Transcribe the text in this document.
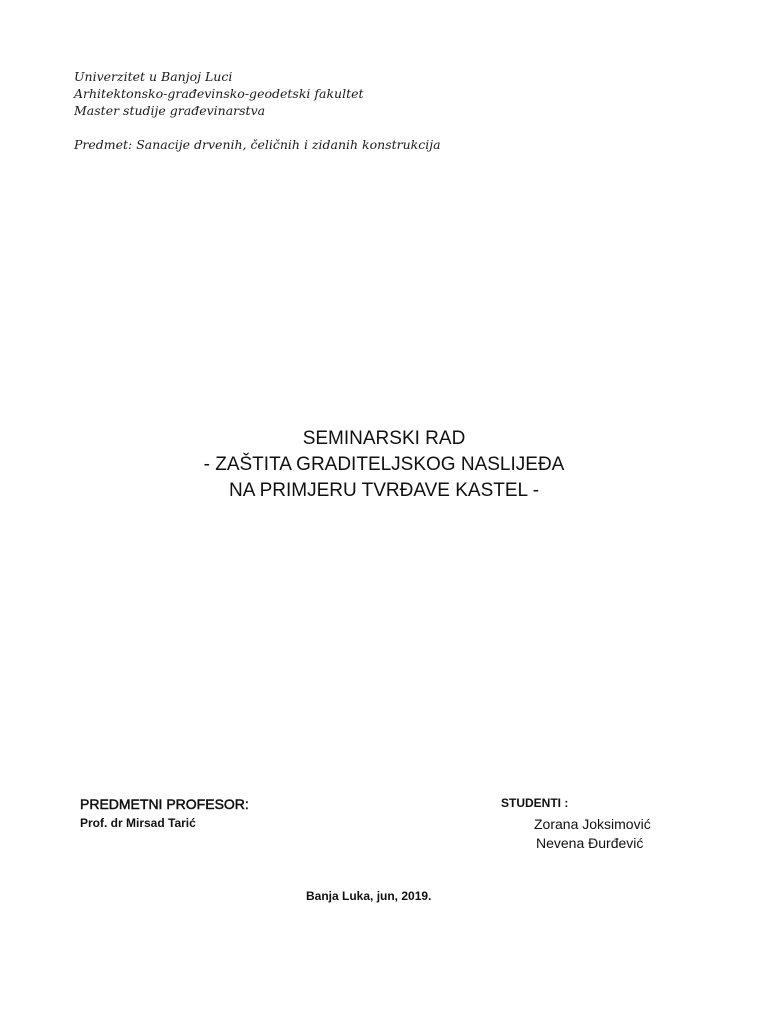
Univerzitet u Banjoj Luci
Arhitektonsko-građevinsko-geodetski fakultet
Master studije građevinarstva
Predmet: Sanacije drvenih, čeličnih i zidanih konstrukcija
SEMINARSKI RAD
- ZAŠTITA GRADITELJSKOG NASLIJEĐA
NA PRIMJERU TVRĐAVE KASTEL -
PREDMETNI PROFESOR:
Prof. dr Mirsad Tarić
STUDENTI :
Zorana Joksimović
Nevena Đurđević
Banja Luka, jun, 2019.
